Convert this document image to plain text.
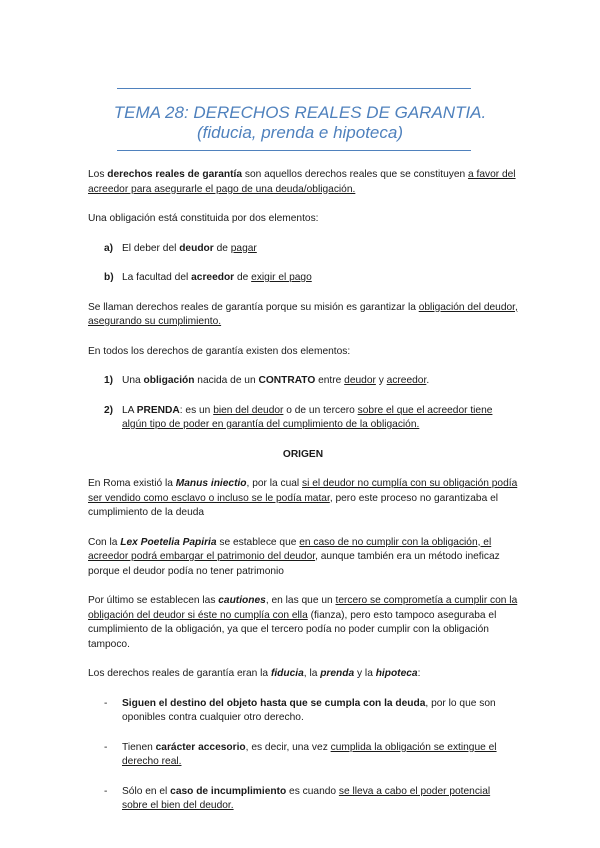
TEMA 28: DERECHOS REALES DE GARANTIA.
(fiducia, prenda e hipoteca)

Los derechos reales de garantía son aquellos derechos reales que se constituyen a favor del acreedor para asegurarle el pago de una deuda/obligación.

Una obligación está constituida por dos elementos:

a) El deber del deudor de pagar
b) La facultad del acreedor de exigir el pago

Se llaman derechos reales de garantía porque su misión es garantizar la obligación del deudor, asegurando su cumplimiento.

En todos los derechos de garantía existen dos elementos:

1) Una obligación nacida de un CONTRATO entre deudor y acreedor.
2) LA PRENDA: es un bien del deudor o de un tercero sobre el que el acreedor tiene algún tipo de poder en garantía del cumplimiento de la obligación.

ORIGEN

En Roma existió la Manus iniectio, por la cual si el deudor no cumplía con su obligación podía ser vendido como esclavo o incluso se le podía matar, pero este proceso no garantizaba el cumplimiento de la deuda

Con la Lex Poetelia Papiria se establece que en caso de no cumplir con la obligación, el acreedor podrá embargar el patrimonio del deudor, aunque también era un método ineficaz porque el deudor podía no tener patrimonio

Por último se establecen las cautiones, en las que un tercero se comprometía a cumplir con la obligación del deudor si éste no cumplía con ella (fianza), pero esto tampoco aseguraba el cumplimiento de la obligación, ya que el tercero podía no poder cumplir con la obligación tampoco.

Los derechos reales de garantía eran la fiducia, la prenda y la hipoteca:

- Siguen el destino del objeto hasta que se cumpla con la deuda, por lo que son oponibles contra cualquier otro derecho.
- Tienen carácter accesorio, es decir, una vez cumplida la obligación se extingue el derecho real.
- Sólo en el caso de incumplimiento es cuando se lleva a cabo el poder potencial sobre el bien del deudor.
